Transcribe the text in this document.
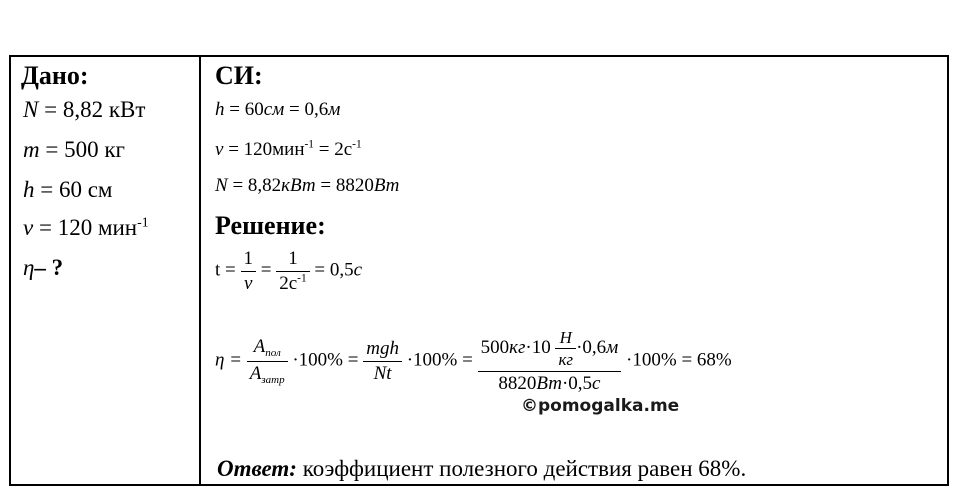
Дано:
N = 8,82 кВт
m = 500 кг
h = 60 см
ν = 120 мин$^{-1}$
η– ?
СИ:
h = 60см = 0,6м
$\nu = 120мин^{-1} = 2с^{-1}$
N = 8,82кВт = 8820Вт
Решение:
$t = \frac{1}{\nu} = \frac{1}{2с^{-1}} = 0,5с$
$\eta = \frac{A_{пол}}{A_{затр}} \cdot 100\% = \frac{\text{mgh}}{Nt} \cdot 100\%$ =
$500кг\cdot 10 \frac{Н}{кг} \cdot 0,6м$
8820Вт·0,5с
·100% = 68%
©pomogalka.me
Ответ: коэффициент полезного действия равен 68%.
